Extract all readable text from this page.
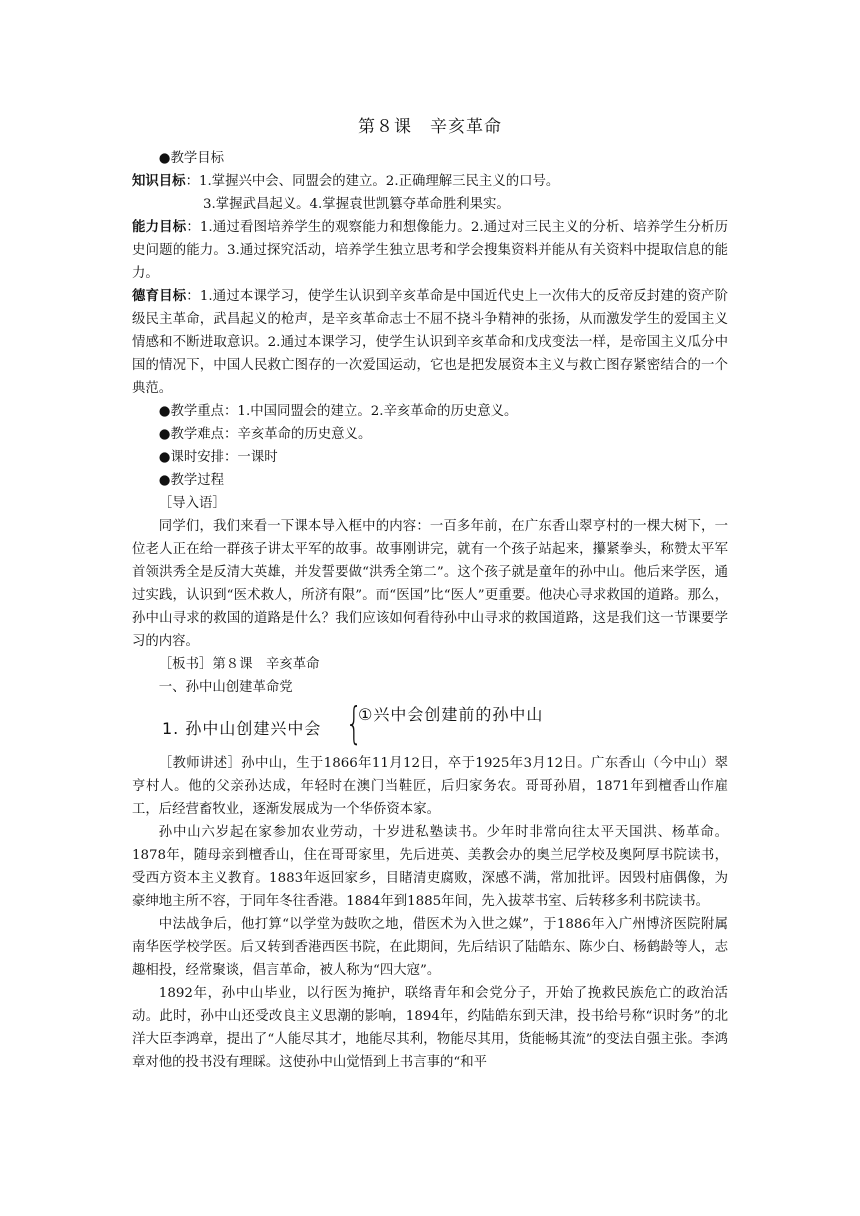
第８课　辛亥革命

●教学目标

知识目标：1.掌握兴中会、同盟会的建立。2.正确理解三民主义的口号。

3.掌握武昌起义。4.掌握袁世凯篡夺革命胜利果实。

能力目标：1.通过看图培养学生的观察能力和想像能力。2.通过对三民主义的分析、培养学生分析历史问题的能力。3.通过探究活动，培养学生独立思考和学会搜集资料并能从有关资料中提取信息的能力。

德育目标：1.通过本课学习，使学生认识到辛亥革命是中国近代史上一次伟大的反帝反封建的资产阶级民主革命，武昌起义的枪声，是辛亥革命志士不屈不挠斗争精神的张扬，从而激发学生的爱国主义情感和不断进取意识。2.通过本课学习，使学生认识到辛亥革命和戊戌变法一样，是帝国主义瓜分中国的情况下，中国人民救亡图存的一次爱国运动，它也是把发展资本主义与救亡图存紧密结合的一个典范。

●教学重点：1.中国同盟会的建立。2.辛亥革命的历史意义。

●教学难点：辛亥革命的历史意义。

●课时安排：一课时

●教学过程

［导入语］

同学们，我们来看一下课本导入框中的内容：一百多年前，在广东香山翠亨村的一棵大树下，一位老人正在给一群孩子讲太平军的故事。故事刚讲完，就有一个孩子站起来，攥紧拳头，称赞太平军首领洪秀全是反清大英雄，并发誓要做“洪秀全第二”。这个孩子就是童年的孙中山。他后来学医，通过实践，认识到“医术救人，所济有限”。而“医国”比“医人”更重要。他决心寻求救国的道路。那么，孙中山寻求的救国的道路是什么？我们应该如何看待孙中山寻求的救国道路，这是我们这一节课要学习的内容。

［板书］第８课　辛亥革命

一、孙中山创建革命党

1. 孙中山创建兴中会 {
①兴中会创建前的孙中山

［教师讲述］孙中山，生于1866年11月12日，卒于1925年3月12日。广东香山（今中山）翠亨村人。他的父亲孙达成，年轻时在澳门当鞋匠，后归家务农。哥哥孙眉，1871年到檀香山作雇工，后经营畜牧业，逐渐发展成为一个华侨资本家。

孙中山六岁起在家参加农业劳动，十岁进私塾读书。少年时非常向往太平天国洪、杨革命。1878年，随母亲到檀香山，住在哥哥家里，先后进英、美教会办的奥兰尼学校及奥阿厚书院读书，受西方资本主义教育。1883年返回家乡，目睹清吏腐败，深感不满，常加批评。因毁村庙偶像，为豪绅地主所不容，于同年冬往香港。1884年到1885年间，先入拔萃书室、后转移多利书院读书。

中法战争后，他打算“以学堂为鼓吹之地，借医术为入世之媒”，于1886年入广州博济医院附属南华医学校学医。后又转到香港西医书院，在此期间，先后结识了陆皓东、陈少白、杨鹤龄等人，志趣相投，经常聚谈，倡言革命，被人称为“四大寇”。

1892年，孙中山毕业，以行医为掩护，联络青年和会党分子，开始了挽救民族危亡的政治活动。此时，孙中山还受改良主义思潮的影响，1894年，约陆皓东到天津，投书给号称“识时务”的北洋大臣李鸿章，提出了“人能尽其才，地能尽其利，物能尽其用，货能畅其流”的变法自强主张。李鸿章对他的投书没有理睬。这使孙中山觉悟到上书言事的“和平
